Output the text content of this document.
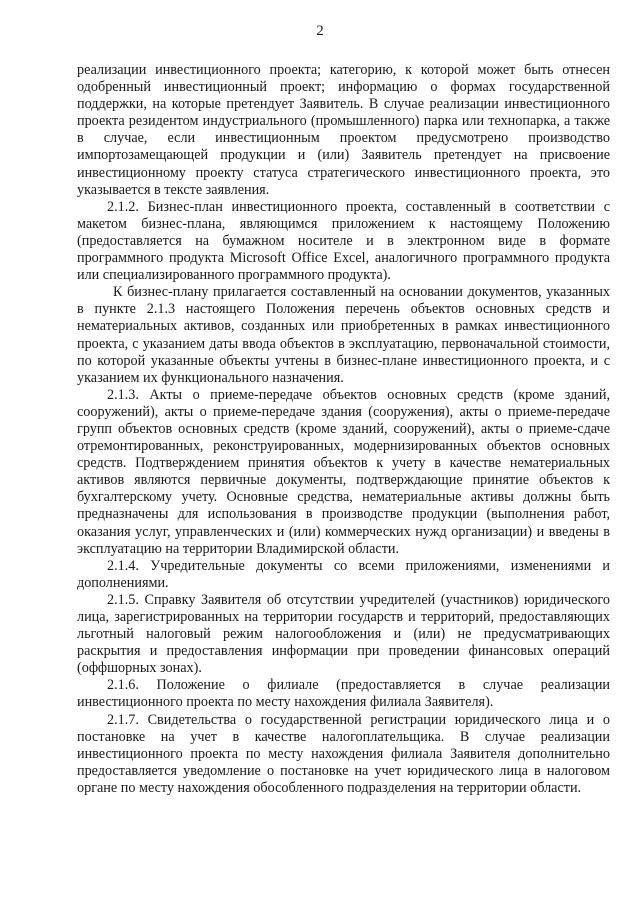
2

реализации инвестиционного проекта; категорию, к которой может быть отнесен одобренный инвестиционный проект; информацию о формах государственной поддержки, на которые претендует Заявитель. В случае реализации инвестиционного проекта резидентом индустриального (промышленного) парка или технопарка, а также в случае, если инвестиционным проектом предусмотрено производство импортозамещающей продукции и (или) Заявитель претендует на присвоение инвестиционному проекту статуса стратегического инвестиционного проекта, это указывается в тексте заявления.

2.1.2. Бизнес-план инвестиционного проекта, составленный в соответствии с макетом бизнес-плана, являющимся приложением к настоящему Положению (предоставляется на бумажном носителе и в электронном виде в формате программного продукта Microsoft Office Excel, аналогичного программного продукта или специализированного программного продукта).

К бизнес-плану прилагается составленный на основании документов, указанных в пункте 2.1.3 настоящего Положения перечень объектов основных средств и нематериальных активов, созданных или приобретенных в рамках инвестиционного проекта, с указанием даты ввода объектов в эксплуатацию, первоначальной стоимости, по которой указанные объекты учтены в бизнес-плане инвестиционного проекта, и с указанием их функционального назначения.

2.1.3. Акты о приеме-передаче объектов основных средств (кроме зданий, сооружений), акты о приеме-передаче здания (сооружения), акты о приеме-передаче групп объектов основных средств (кроме зданий, сооружений), акты о приеме-сдаче отремонтированных, реконструированных, модернизированных объектов основных средств. Подтверждением принятия объектов к учету в качестве нематериальных активов являются первичные документы, подтверждающие принятие объектов к бухгалтерскому учету. Основные средства, нематериальные активы должны быть предназначены для использования в производстве продукции (выполнения работ, оказания услуг, управленческих и (или) коммерческих нужд организации) и введены в эксплуатацию на территории Владимирской области.

2.1.4. Учредительные документы со всеми приложениями, изменениями и дополнениями.

2.1.5. Справку Заявителя об отсутствии учредителей (участников) юридического лица, зарегистрированных на территории государств и территорий, предоставляющих льготный налоговый режим налогообложения и (или) не предусматривающих раскрытия и предоставления информации при проведении финансовых операций (оффшорных зонах).

2.1.6. Положение о филиале (предоставляется в случае реализации инвестиционного проекта по месту нахождения филиала Заявителя).

2.1.7. Свидетельства о государственной регистрации юридического лица и о постановке на учет в качестве налогоплательщика. В случае реализации инвестиционного проекта по месту нахождения филиала Заявителя дополнительно предоставляется уведомление о постановке на учет юридического лица в налоговом органе по месту нахождения обособленного подразделения на территории области.
